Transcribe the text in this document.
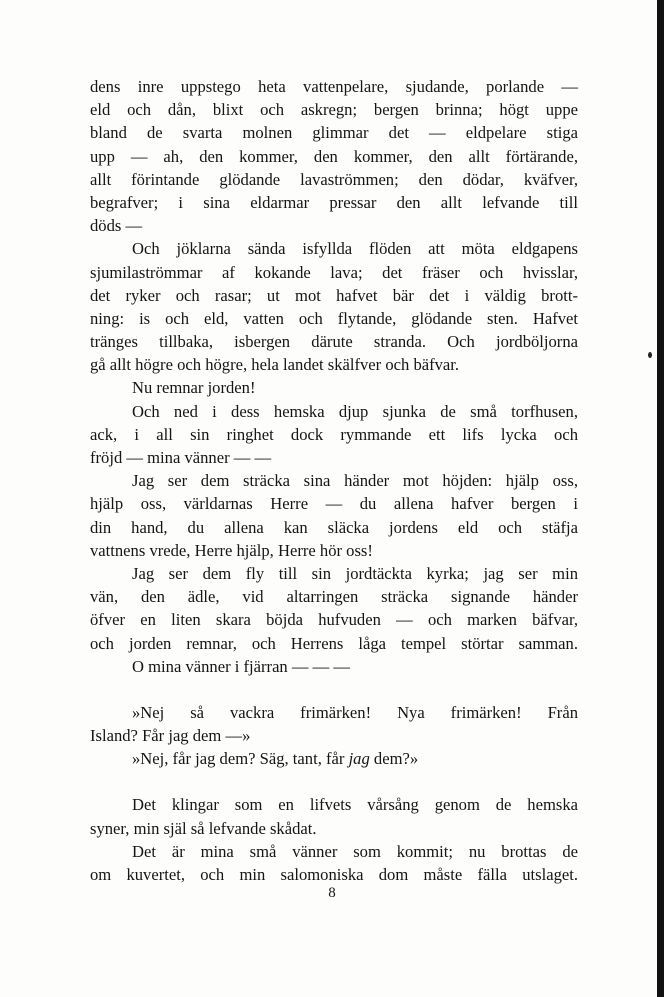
dens inre uppstego heta vattenpelare, sjudande, porlande —
eld och dån, blixt och askregn; bergen brinna; högt uppe
bland de svarta molnen glimmar det — eldpelare stiga
upp — ah, den kommer, den kommer, den allt förtärande,
allt förintande glödande lavaströmmen; den dödar, kväfver,
begrafver; i sina eldarmar pressar den allt lefvande till
döds —
Och jöklarna sända isfyllda flöden att möta eldgapens
sjumilaströmmar af kokande lava; det fräser och hvisslar,
det ryker och rasar; ut mot hafvet bär det i väldig brott-
ning: is och eld, vatten och flytande, glödande sten. Hafvet
tränges tillbaka, isbergen därute stranda. Och jordböljorna
gå allt högre och högre, hela landet skälfver och bäfvar.
Nu remnar jorden!
Och ned i dess hemska djup sjunka de små torfhusen,
ack, i all sin ringhet dock rymmande ett lifs lycka och
fröjd — mina vänner — —
Jag ser dem sträcka sina händer mot höjden: hjälp oss,
hjälp oss, världarnas Herre — du allena hafver bergen i
din hand, du allena kan släcka jordens eld och stäfja
vattnens vrede, Herre hjälp, Herre hör oss!
Jag ser dem fly till sin jordtäckta kyrka; jag ser min
vän, den ädle, vid altarringen sträcka signande händer
öfver en liten skara böjda hufvuden — och marken bäfvar,
och jorden remnar, och Herrens låga tempel störtar samman.
O mina vänner i fjärran — — —
»Nej så vackra frimärken! Nya frimärken! Från
Island? Får jag dem —»
»Nej, får jag dem? Säg, tant, får jag dem?»
Det klingar som en lifvets vårsång genom de hemska
syner, min själ så lefvande skådat.
Det är mina små vänner som kommit; nu brottas de
om kuvertet, och min salomoniska dom måste fälla utslaget.
8
